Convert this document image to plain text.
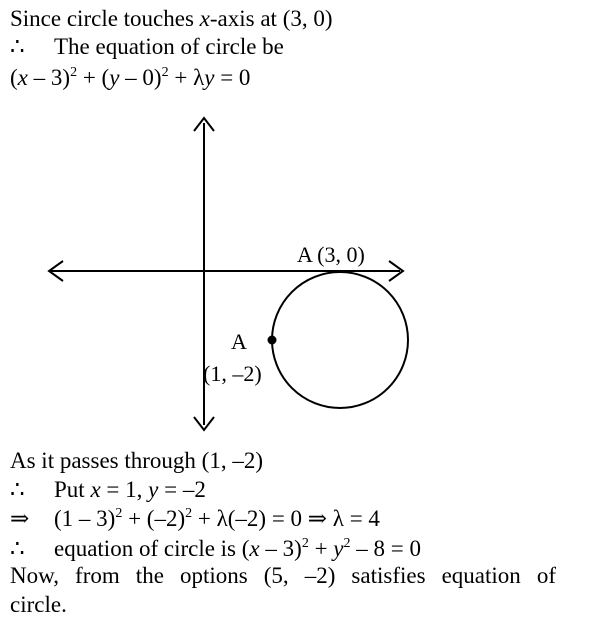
Since circle touches x-axis at (3, 0)
∴ The equation of circle be
(x – 3)$^2$ + (y – 0)$^2$ + λy = 0
A (3, 0)
A
(1, –2)
As it passes through (1, –2)
∴ Put x = 1, y = –2
⇒ $(1 - 3)^2 + (-2)^2 + \lambda(-2) = 0$ ⇒ λ = 4
∴ equation of circle is $(x - 3)^2 + y^2 - 8 = 0$
Now, from the options (5, –2) satisfies equation of
circle.
